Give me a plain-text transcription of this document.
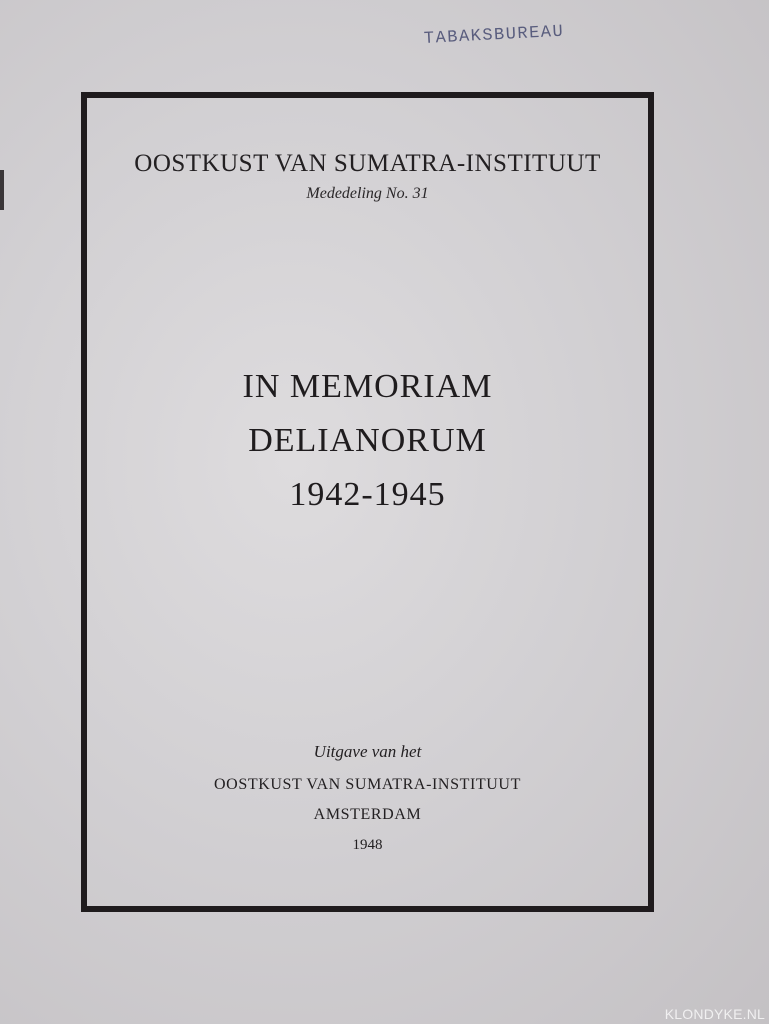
TABAKSBUREAU
OOSTKUST VAN SUMATRA-INSTITUUT
Mededeling No. 31
IN MEMORIAM
DELIANORUM
1942-1945
Uitgave van het
OOSTKUST VAN SUMATRA-INSTITUUT
AMSTERDAM
1948
KLONDYKE.NL
